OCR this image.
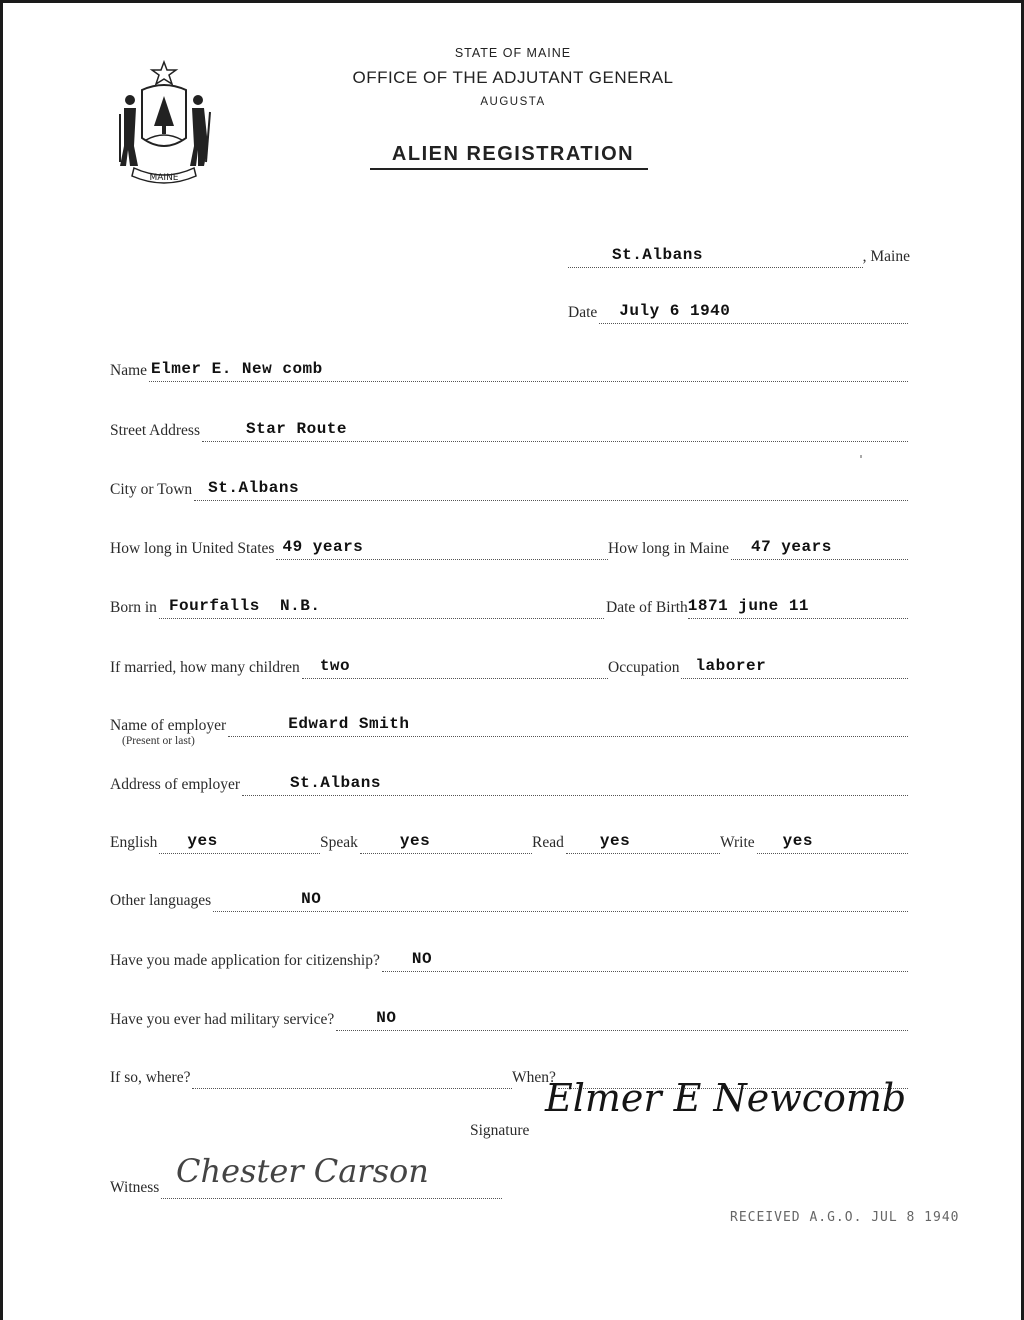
MAINE
STATE OF MAINE
OFFICE OF THE ADJUTANT GENERAL
AUGUSTA
ALIEN REGISTRATION
St.Albans	, Maine
Date July 6 1940
Name Elmer E. New comb
Street Address	Star Route
City or Town St.Albans
How long in United States 49 years	How long in Maine 47 years
Born in Fourfalls  N.B.	Date of Birth 1871 june 11
If married, how many children two	Occupation laborer
Name of employer	Edward Smith
(Present or last)
Address of employer	St.Albans
English yes	Speak	yes	Read yes	Write yes
Other languages	NO
Have you made application for citizenship? NO
Have you ever had military service?	NO
If so, where?	When?
Signature
Elmer E Newcomb
Witness Chester Carson
RECEIVED A.G.O. JUL 8 1940
